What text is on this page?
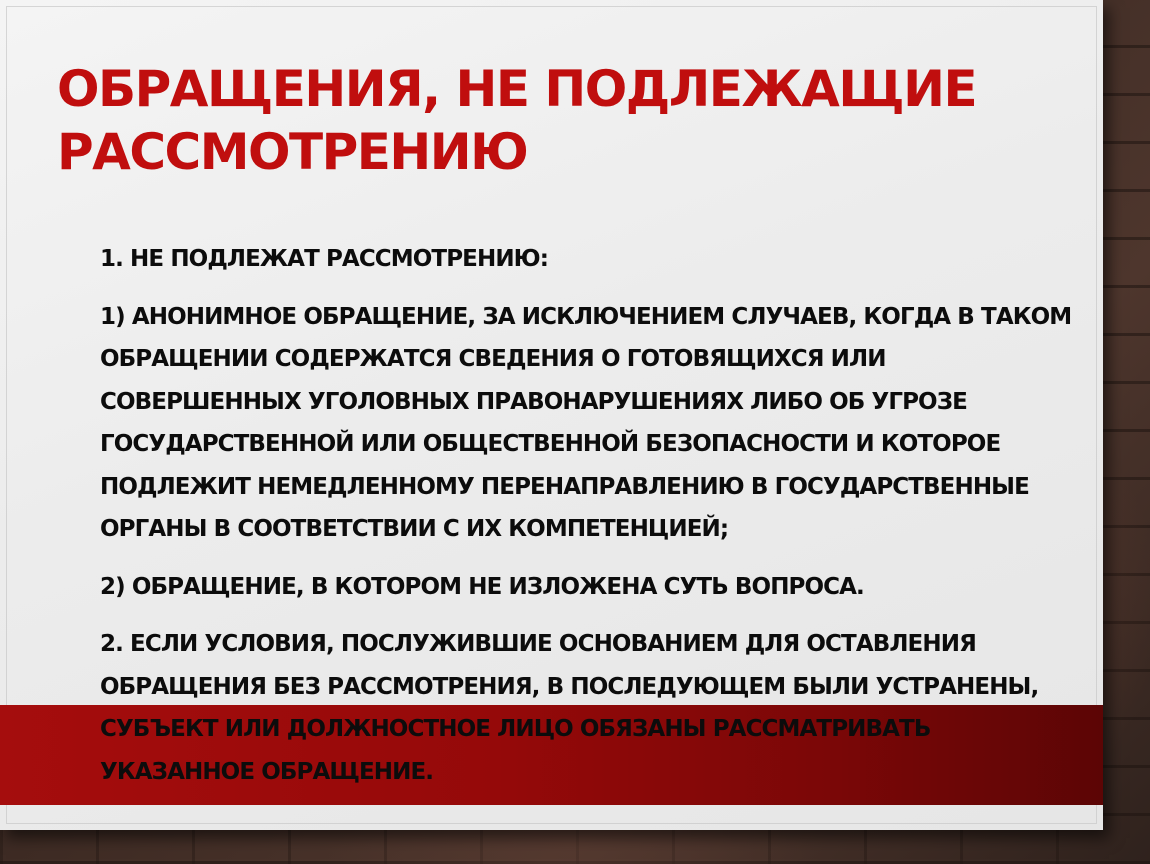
ОБРАЩЕНИЯ, НЕ ПОДЛЕЖАЩИЕ РАССМОТРЕНИЮ

1. НЕ ПОДЛЕЖАТ РАССМОТРЕНИЮ:

1) АНОНИМНОЕ ОБРАЩЕНИЕ, ЗА ИСКЛЮЧЕНИЕМ СЛУЧАЕВ, КОГДА В ТАКОМ ОБРАЩЕНИИ СОДЕРЖАТСЯ СВЕДЕНИЯ О ГОТОВЯЩИХСЯ ИЛИ СОВЕРШЕННЫХ УГОЛОВНЫХ ПРАВОНАРУШЕНИЯХ ЛИБО ОБ УГРОЗЕ ГОСУДАРСТВЕННОЙ ИЛИ ОБЩЕСТВЕННОЙ БЕЗОПАСНОСТИ И КОТОРОЕ ПОДЛЕЖИТ НЕМЕДЛЕННОМУ ПЕРЕНАПРАВЛЕНИЮ В ГОСУДАРСТВЕННЫЕ ОРГАНЫ В СООТВЕТСТВИИ С ИХ КОМПЕТЕНЦИЕЙ;

2) ОБРАЩЕНИЕ, В КОТОРОМ НЕ ИЗЛОЖЕНА СУТЬ ВОПРОСА.

2. ЕСЛИ УСЛОВИЯ, ПОСЛУЖИВШИЕ ОСНОВАНИЕМ ДЛЯ ОСТАВЛЕНИЯ ОБРАЩЕНИЯ БЕЗ РАССМОТРЕНИЯ, В ПОСЛЕДУЮЩЕМ БЫЛИ УСТРАНЕНЫ, СУБЪЕКТ ИЛИ ДОЛЖНОСТНОЕ ЛИЦО ОБЯЗАНЫ РАССМАТРИВАТЬ УКАЗАННОЕ ОБРАЩЕНИЕ.
